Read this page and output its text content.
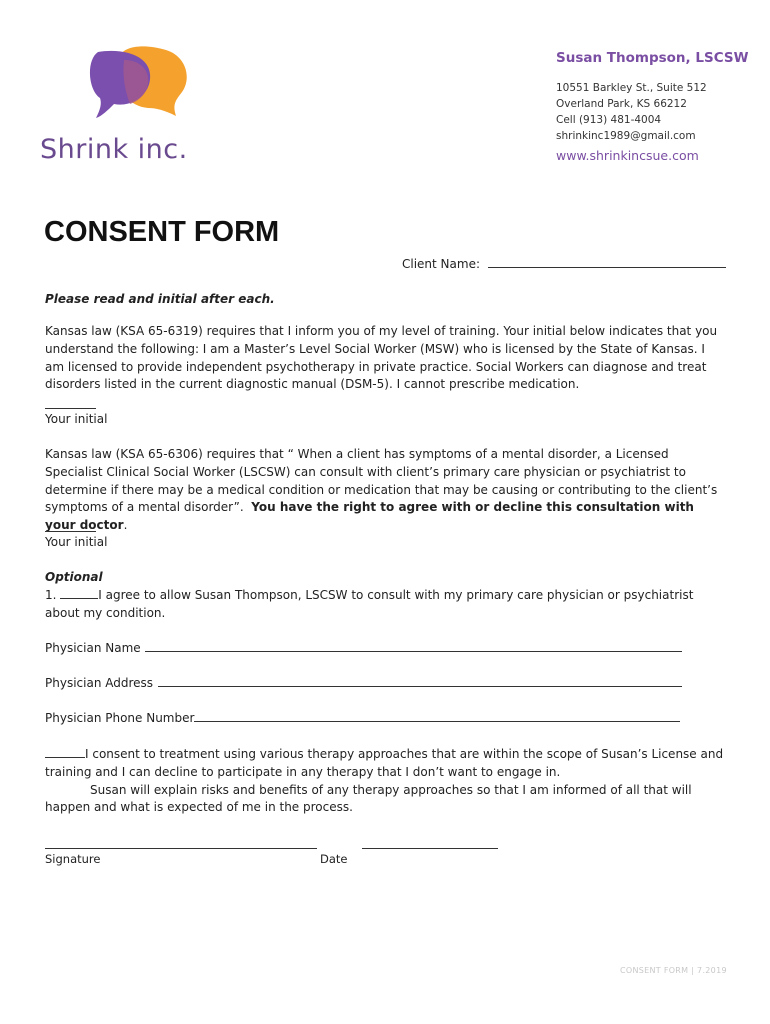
Shrink inc.
Susan Thompson, LSCSW
10551 Barkley St., Suite 512
Overland Park, KS 66212
Cell (913) 481-4004
shrinkinc1989@gmail.com
www.shrinkincsue.com
CONSENT FORM
Client Name:
Please read and initial after each.
Kansas law (KSA 65-6319) requires that I inform you of my level of training. Your initial below indicates that you understand the following: I am a Master’s Level Social Worker (MSW) who is licensed by the State of Kansas. I am licensed to provide independent psychotherapy in private practice. Social Workers can diagnose and treat disorders listed in the current diagnostic manual (DSM-5). I cannot prescribe medication.
Your initial
Kansas law (KSA 65-6306) requires that “ When a client has symptoms of a mental disorder, a Licensed Specialist Clinical Social Worker (LSCSW) can consult with client’s primary care physician or psychiatrist to determine if there may be a medical condition or medication that may be causing or contributing to the client’s symptoms of a mental disorder”. You have the right to agree with or decline this consultation with your doctor.
Your initial
Optional
1.	I agree to allow Susan Thompson, LSCSW to consult with my primary care physician or psychiatrist about my condition.
Physician Name
Physician Address
Physician Phone Number
I consent to treatment using various therapy approaches that are within the scope of Susan’s License and training and I can decline to participate in any therapy that I don’t want to engage in.
Susan will explain risks and benefits of any therapy approaches so that I am informed of all that will happen and what is expected of me in the process.
Signature	Date
CONSENT FORM | 7.2019
